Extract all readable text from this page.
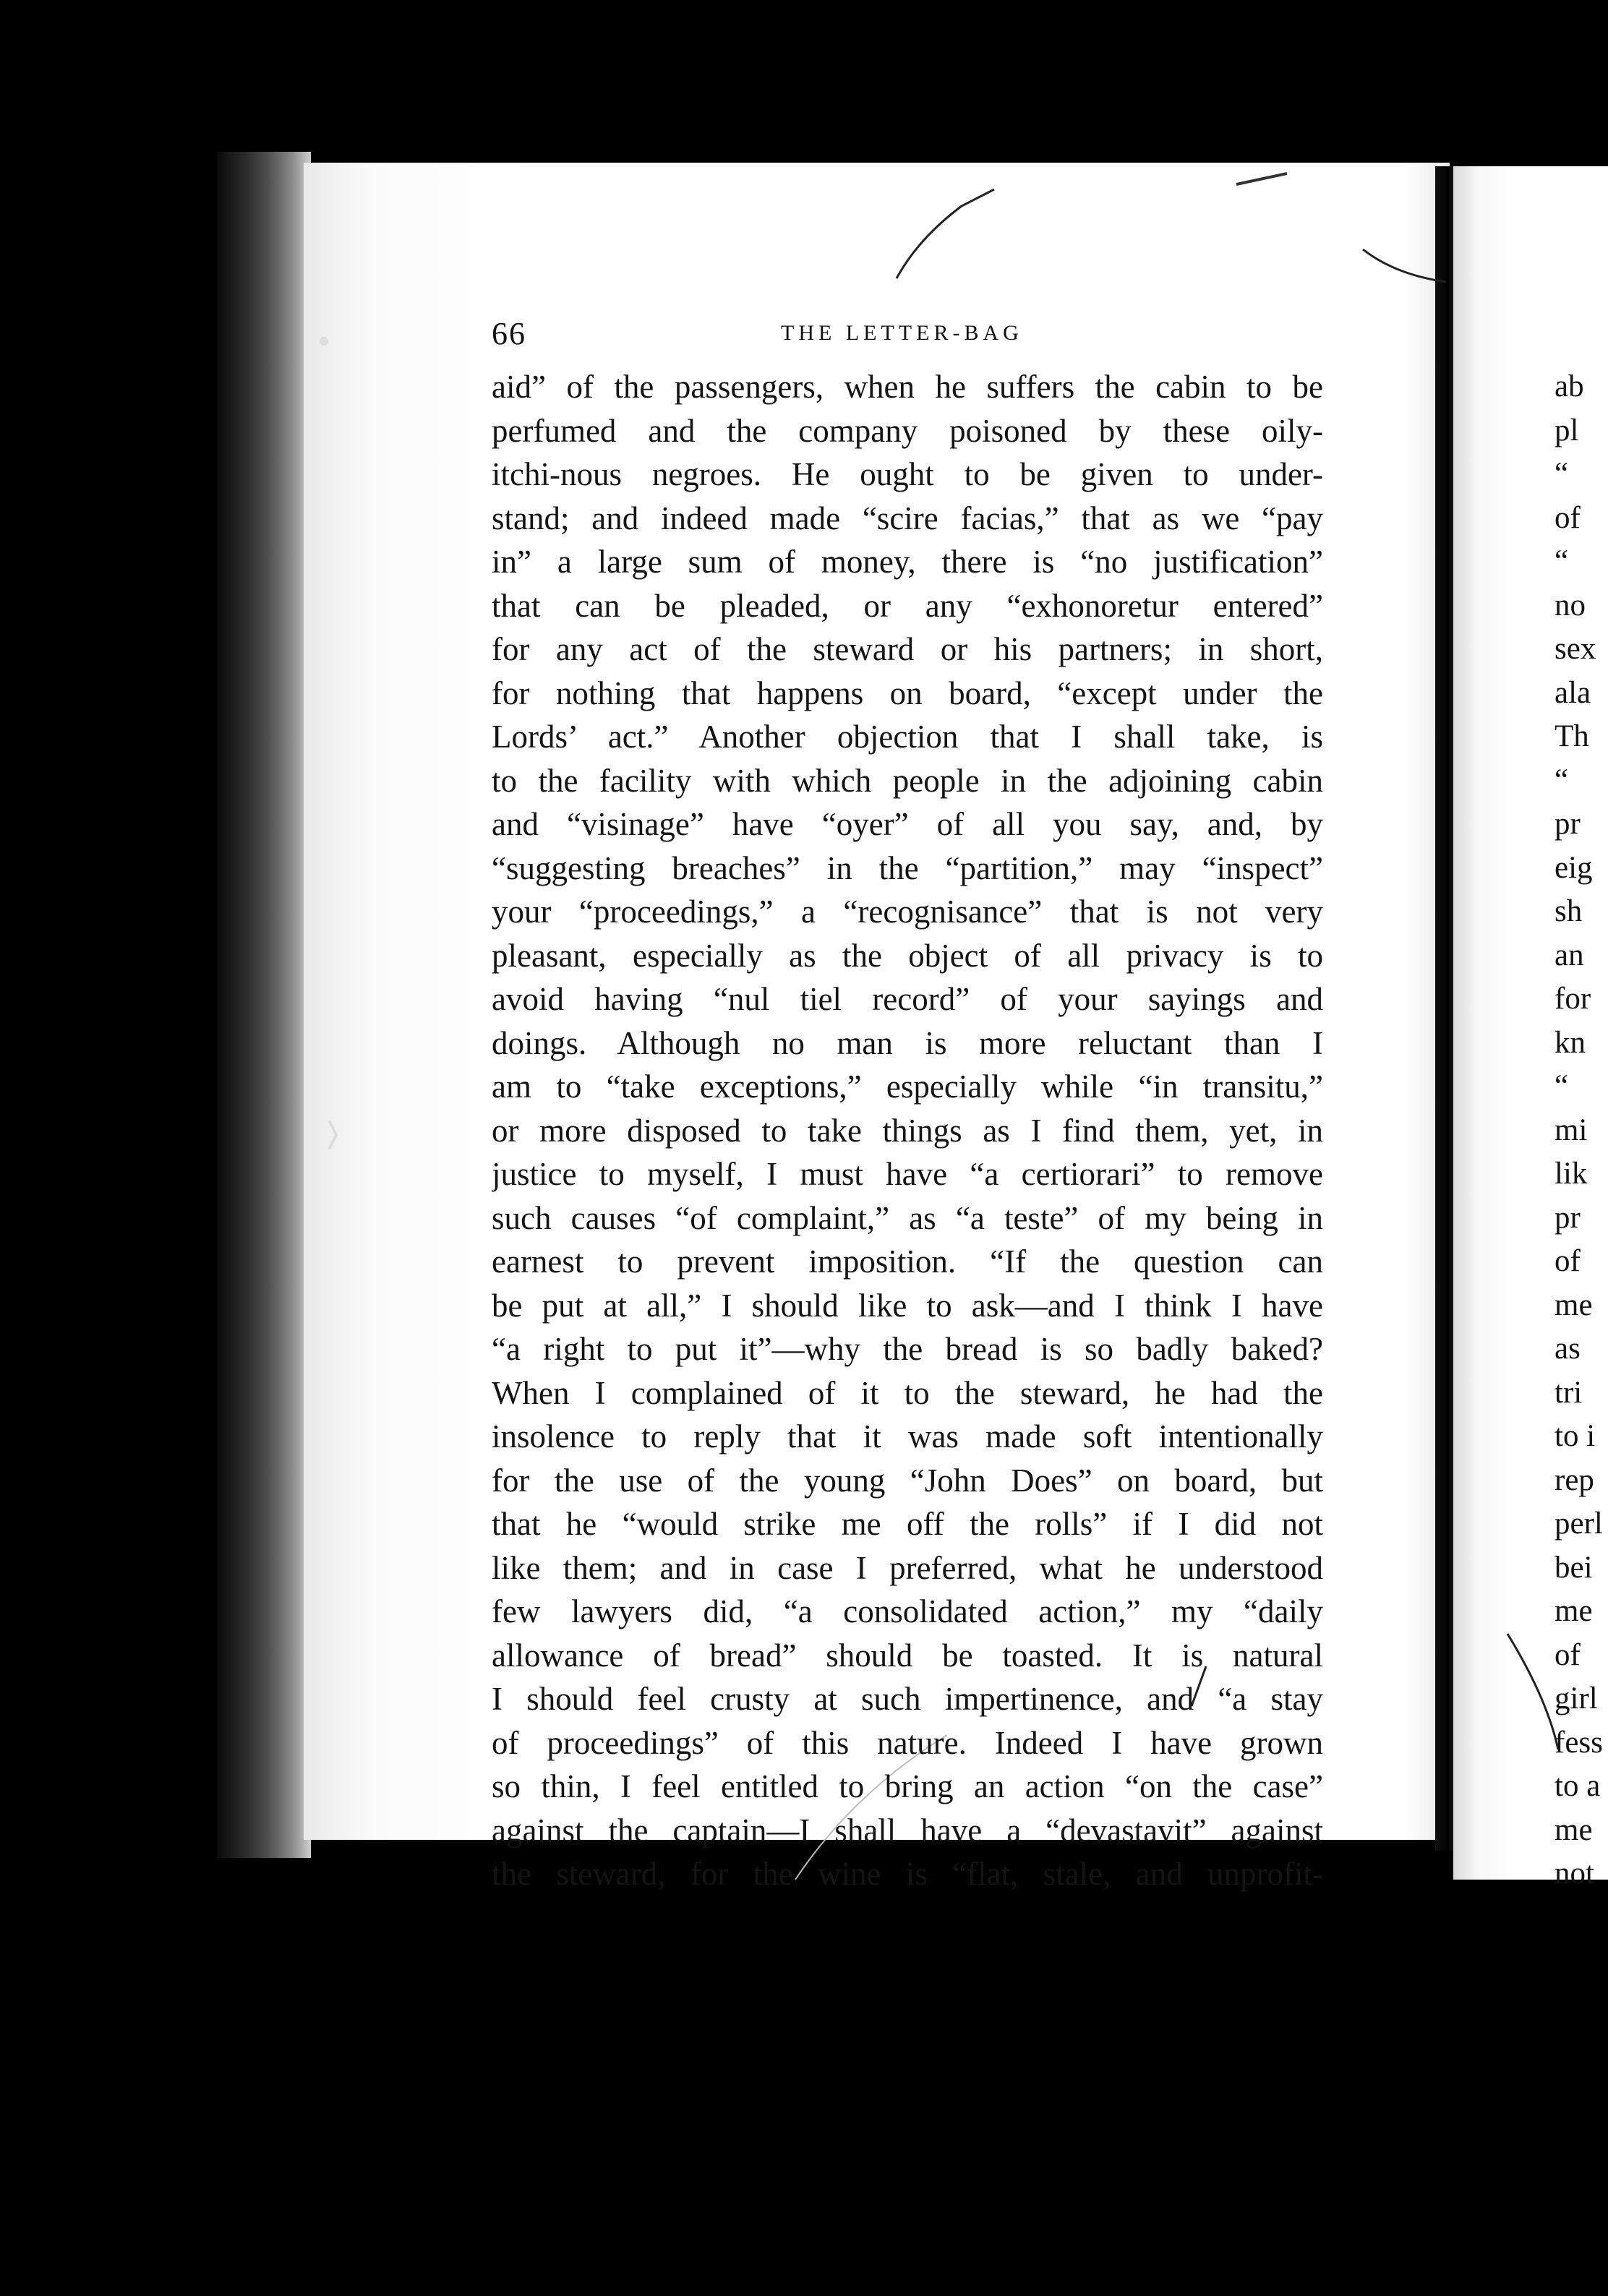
66	THE LETTER-BAG
aid” of the passengers, when he suffers the cabin to be
perfumed and the company poisoned by these oily-
itchi-nous negroes. He ought to be given to under-
stand; and indeed made “scire facias,” that as we “pay
in” a large sum of money, there is “no justification”
that can be pleaded, or any “exhonoretur entered”
for any act of the steward or his partners; in short,
for nothing that happens on board, “except under the
Lords’ act.” Another objection that I shall take, is
to the facility with which people in the adjoining cabin
and “visinage” have “oyer” of all you say, and, by
“suggesting breaches” in the “partition,” may “inspect”
your “proceedings,” a “recognisance” that is not very
pleasant, especially as the object of all privacy is to
avoid having “nul tiel record” of your sayings and
doings. Although no man is more reluctant than I
am to “take exceptions,” especially while “in transitu,”
or more disposed to take things as I find them, yet, in
justice to myself, I must have “a certiorari” to remove
such causes “of complaint,” as “a teste” of my being in
earnest to prevent imposition. “If the question can
be put at all,” I should like to ask—and I think I have
“a right to put it”—why the bread is so badly baked?
When I complained of it to the steward, he had the
insolence to reply that it was made soft intentionally
for the use of the young “John Does” on board, but
that he “would strike me off the rolls” if I did not
like them; and in case I preferred, what he understood
few lawyers did, “a consolidated action,” my “daily
allowance of bread” should be toasted. It is natural
I should feel crusty at such impertinence, and “a stay
of proceedings” of this nature. Indeed I have grown
so thin, I feel entitled to bring an action “on the case”
against the captain—I shall have a “devastavit” against
the steward, for the wine is “flat, stale, and unprofit-
ab
pl
“
of
“
no
sex
ala
Th
“
pr
eig
sh
an
for
kn
“
mi
lik
pr
of
me
as
tri
to i
rep
perl
bei
me
of
girl
fess
to a
me
not
